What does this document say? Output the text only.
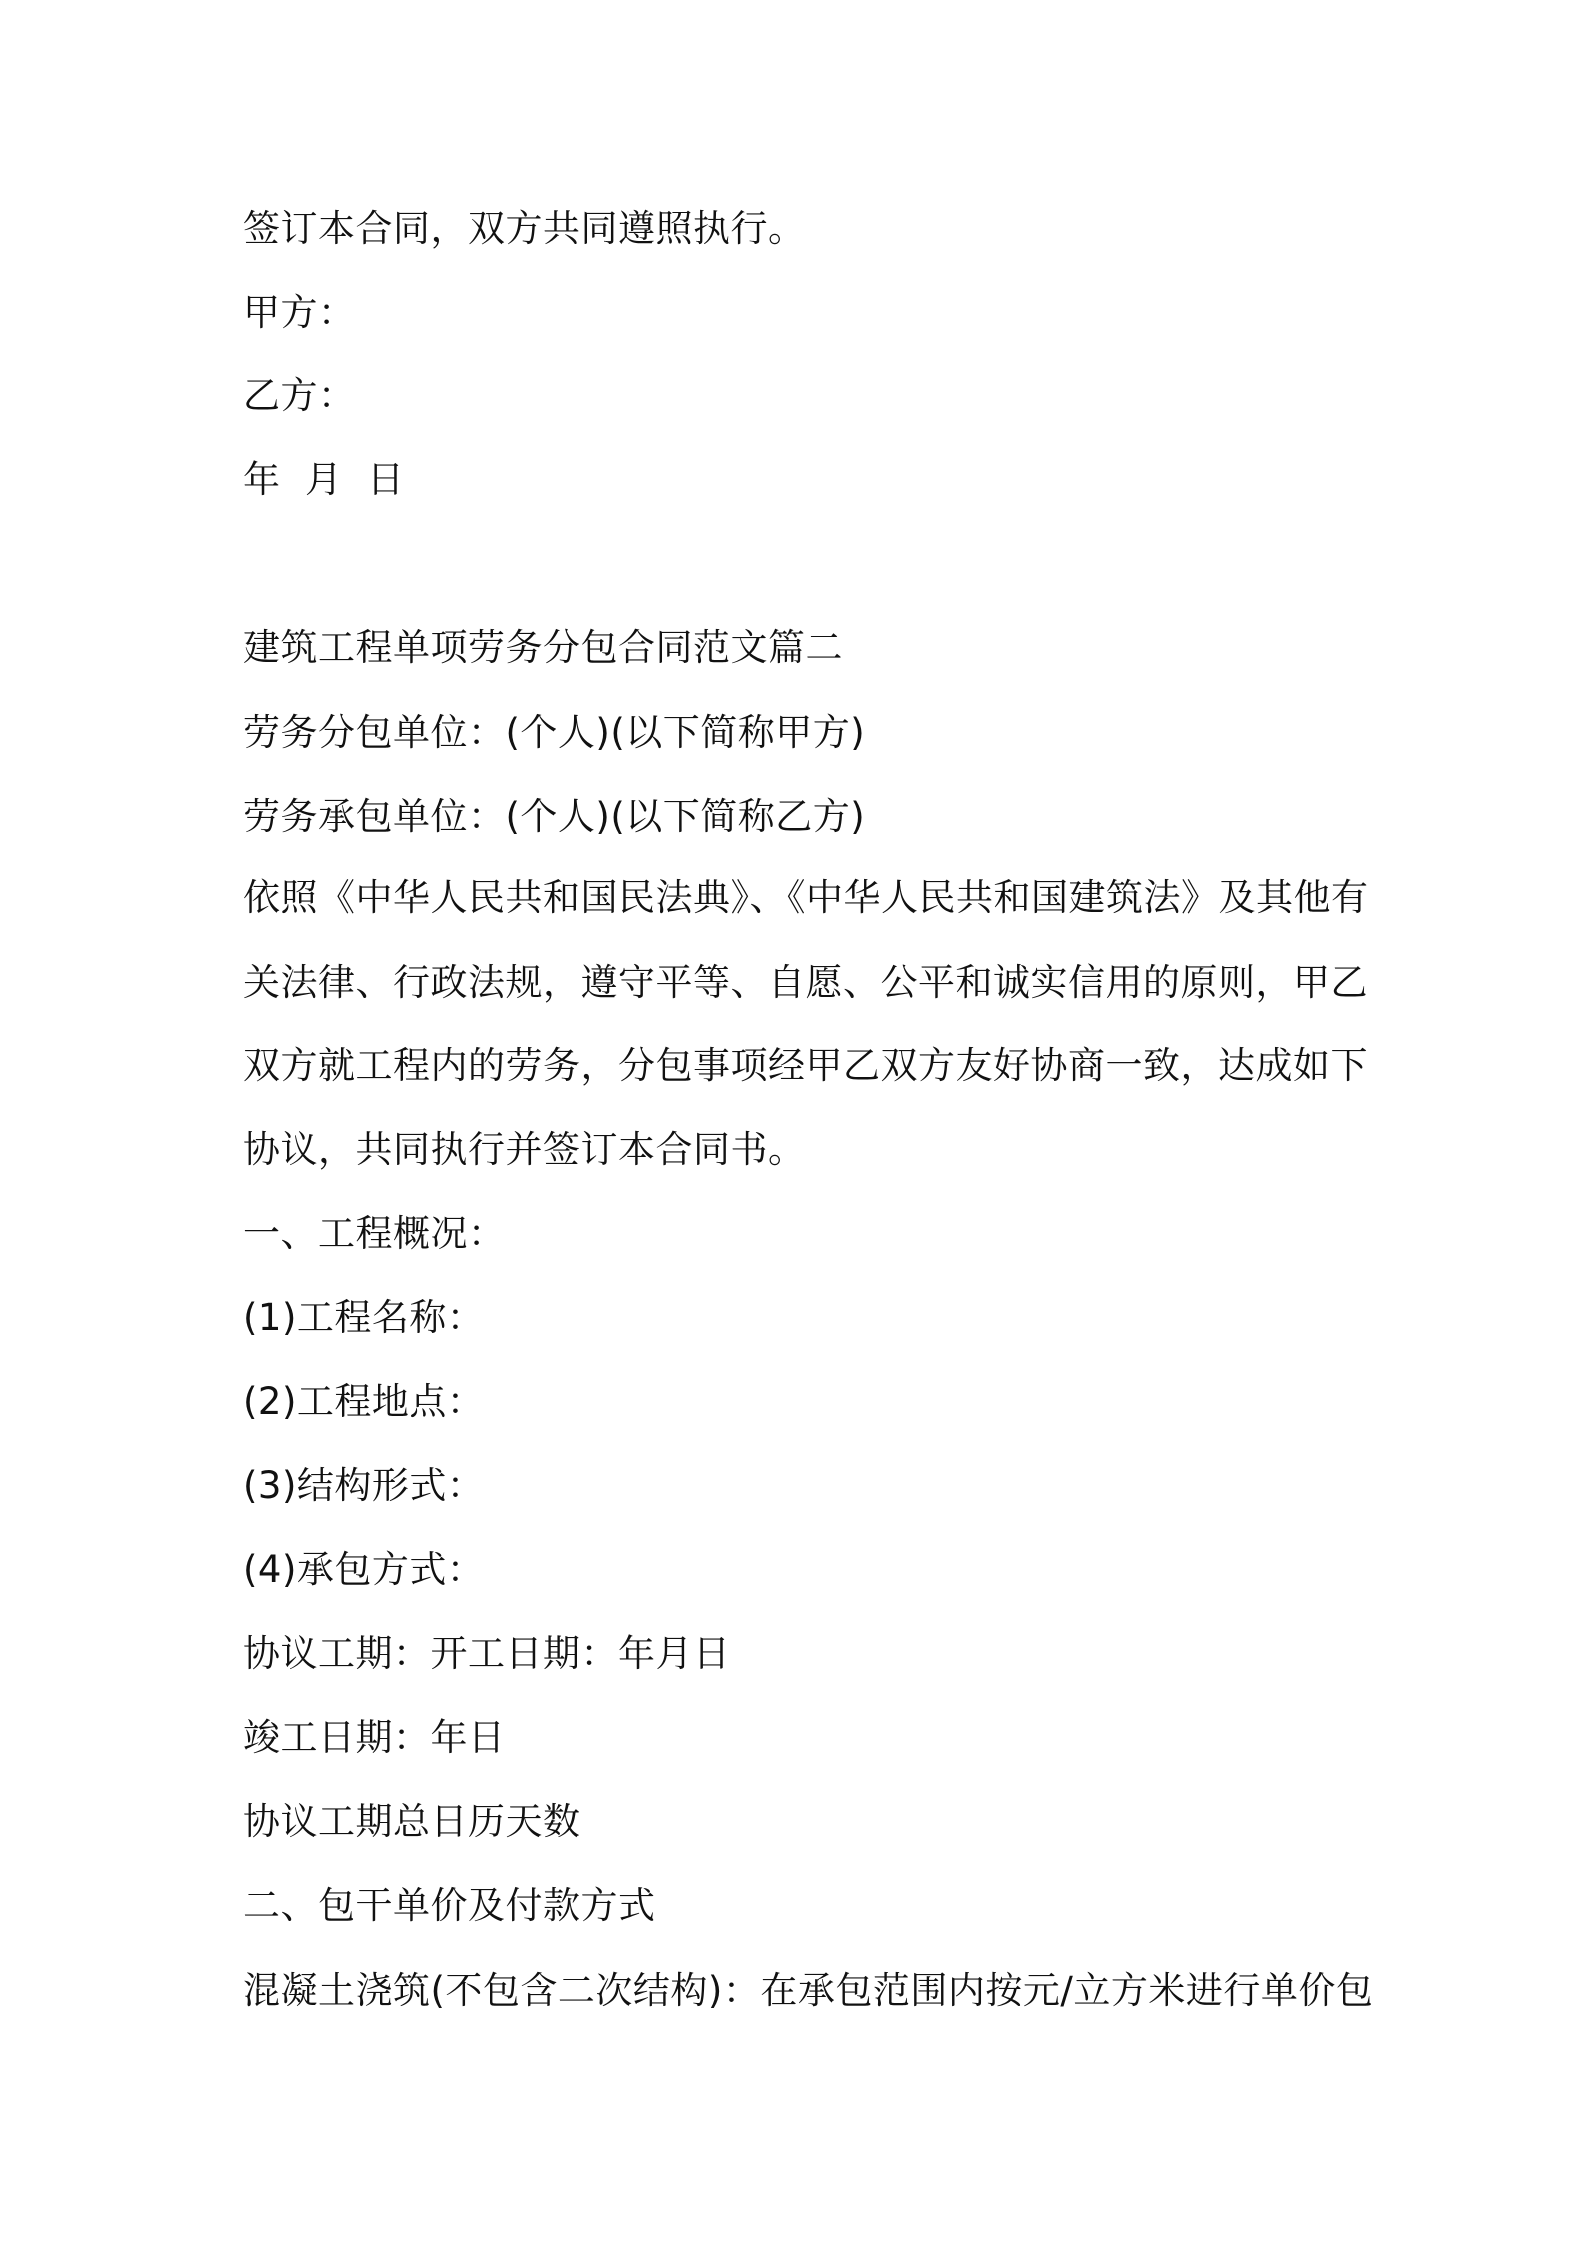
签订本合同，双方共同遵照执行。
甲方：
乙方：
年  月  日
建筑工程单项劳务分包合同范文篇二
劳务分包单位：(个人)(以下简称甲方)
劳务承包单位：(个人)(以下简称乙方)
依照《中华人民共和国民法典》、《中华人民共和国建筑法》及其他有
关法律、行政法规，遵守平等、自愿、公平和诚实信用的原则，甲乙
双方就工程内的劳务，分包事项经甲乙双方友好协商一致，达成如下
协议，共同执行并签订本合同书。
一、工程概况：
(1)工程名称：
(2)工程地点：
(3)结构形式：
(4)承包方式：
协议工期：开工日期：年月日
竣工日期：年日
协议工期总日历天数
二、包干单价及付款方式
混凝土浇筑(不包含二次结构)：在承包范围内按元/立方米进行单价包
